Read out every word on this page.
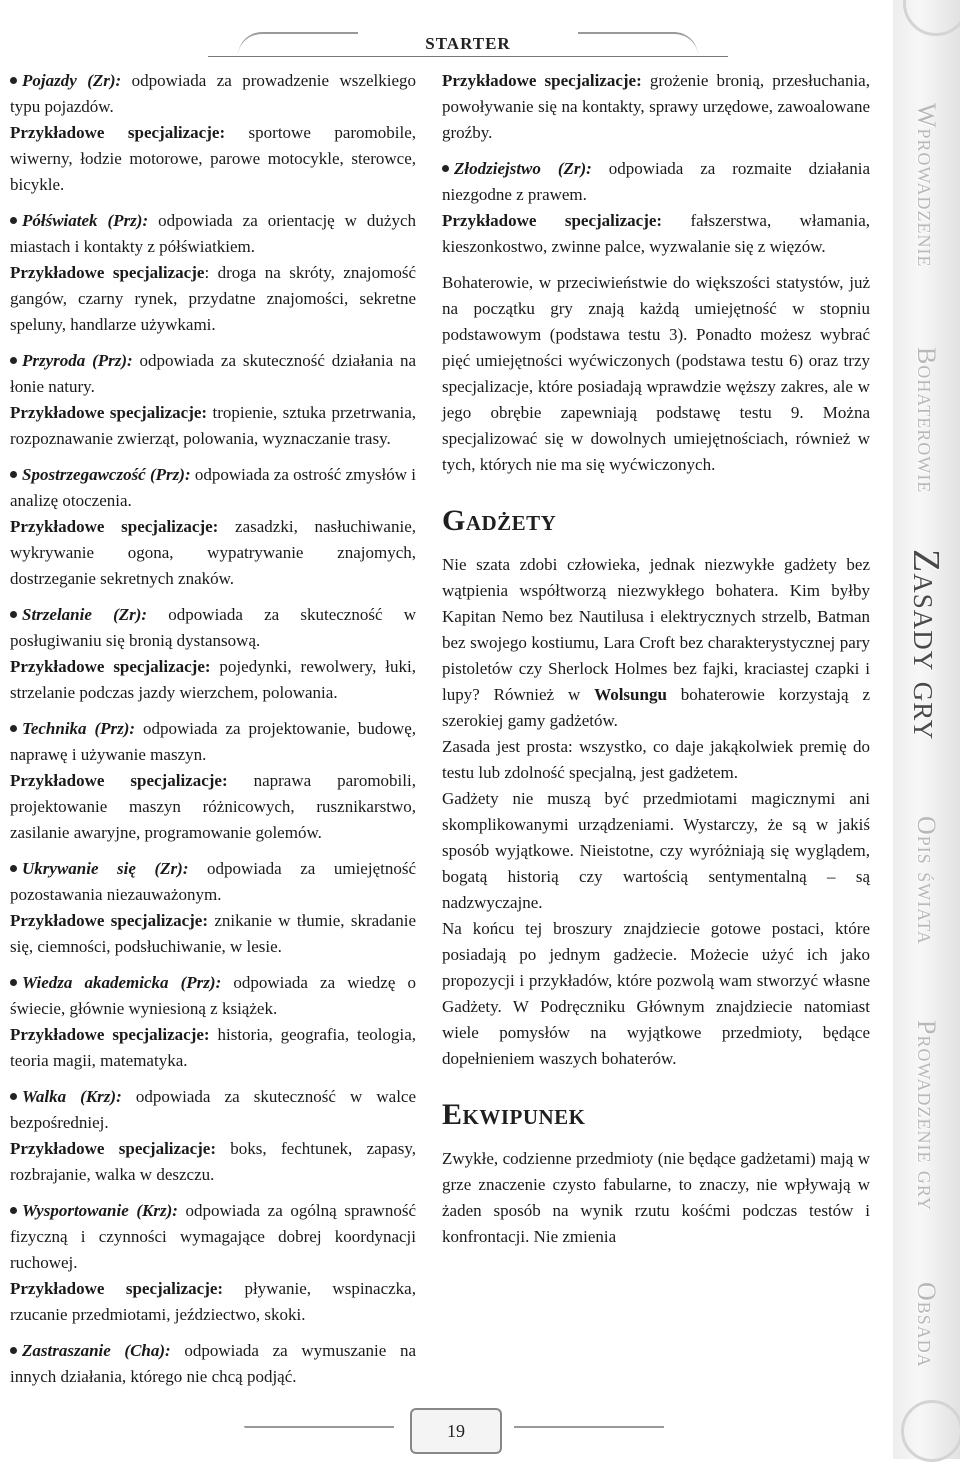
STARTER

Pojazdy (Zr): odpowiada za prowadzenie wszelkiego typu pojazdów.

Przykładowe specjalizacje: sportowe paromobile, wiwerny, łodzie motorowe, parowe motocykle, sterowce, bicykle.

Półświatek (Prz): odpowiada za orientację w dużych miastach i kontakty z półświatkiem.

Przykładowe specjalizacje: droga na skróty, znajomość gangów, czarny rynek, przydatne znajomości, sekretne speluny, handlarze używkami.

Przyroda (Prz): odpowiada za skuteczność działania na łonie natury.

Przykładowe specjalizacje: tropienie, sztuka przetrwania, rozpoznawanie zwierząt, polowania, wyznaczanie trasy.

Spostrzegawczość (Prz): odpowiada za ostrość zmysłów i analizę otoczenia.

Przykładowe specjalizacje: zasadzki, nasłuchiwanie, wykrywanie ogona, wypatrywanie znajomych, dostrzeganie sekretnych znaków.

Strzelanie (Zr): odpowiada za skuteczność w posługiwaniu się bronią dystansową.

Przykładowe specjalizacje: pojedynki, rewolwery, łuki, strzelanie podczas jazdy wierzchem, polowania.

Technika (Prz): odpowiada za projektowanie, budowę, naprawę i używanie maszyn.

Przykładowe specjalizacje: naprawa paromobili, projektowanie maszyn różnicowych, rusznikarstwo, zasilanie awaryjne, programowanie golemów.

Ukrywanie się (Zr): odpowiada za umiejętność pozostawania niezauważonym.

Przykładowe specjalizacje: znikanie w tłumie, skradanie się, ciemności, podsłuchiwanie, w lesie.

Wiedza akademicka (Prz): odpowiada za wiedzę o świecie, głównie wyniesioną z książek.

Przykładowe specjalizacje: historia, geografia, teologia, teoria magii, matematyka.

Walka (Krz): odpowiada za skuteczność w walce bezpośredniej.

Przykładowe specjalizacje: boks, fechtunek, zapasy, rozbrajanie, walka w deszczu.

Wysportowanie (Krz): odpowiada za ogólną sprawność fizyczną i czynności wymagające dobrej koordynacji ruchowej.

Przykładowe specjalizacje: pływanie, wspinaczka, rzucanie przedmiotami, jeździectwo, skoki.

Zastraszanie (Cha): odpowiada za wymuszanie na innych działania, którego nie chcą podjąć.

Przykładowe specjalizacje: grożenie bronią, przesłuchania, powoływanie się na kontakty, sprawy urzędowe, zawoalowane groźby.

Złodziejstwo (Zr): odpowiada za rozmaite działania niezgodne z prawem.

Przykładowe specjalizacje: fałszerstwa, włamania, kieszonkostwo, zwinne palce, wyzwalanie się z więzów.

Bohaterowie, w przeciwieństwie do większości statystów, już na początku gry znają każdą umiejętność w stopniu podstawowym (podstawa testu 3). Ponadto możesz wybrać pięć umiejętności wyćwiczonych (podstawa testu 6) oraz trzy specjalizacje, które posiadają wprawdzie węższy zakres, ale w jego obrębie zapewniają podstawę testu 9. Można specjalizować się w dowolnych umiejętnościach, również w tych, których nie ma się wyćwiczonych.

Gadżety

Nie szata zdobi człowieka, jednak niezwykłe gadżety bez wątpienia współtworzą niezwykłego bohatera. Kim byłby Kapitan Nemo bez Nautilusa i elektrycznych strzelb, Batman bez swojego kostiumu, Lara Croft bez charakterystycznej pary pistoletów czy Sherlock Holmes bez fajki, kraciastej czapki i lupy? Również w Wolsungu bohaterowie korzystają z szerokiej gamy gadżetów.

Zasada jest prosta: wszystko, co daje jakąkolwiek premię do testu lub zdolność specjalną, jest gadżetem.

Gadżety nie muszą być przedmiotami magicznymi ani skomplikowanymi urządzeniami. Wystarczy, że są w jakiś sposób wyjątkowe. Nieistotne, czy wyróżniają się wyglądem, bogatą historią czy wartością sentymentalną – są nadzwyczajne.

Na końcu tej broszury znajdziecie gotowe postaci, które posiadają po jednym gadżecie. Możecie użyć ich jako propozycji i przykładów, które pozwolą wam stworzyć własne Gadżety. W Podręczniku Głównym znajdziecie natomiast wiele pomysłów na wyjątkowe przedmioty, będące dopełnieniem waszych bohaterów.

Ekwipunek

Zwykłe, codzienne przedmioty (nie będące gadżetami) mają w grze znaczenie czysto fabularne, to znaczy, nie wpływają w żaden sposób na wynik rzutu kośćmi podczas testów i konfrontacji. Nie zmienia

Wprowadzenie
Bohaterowie
Zasady gry
Opis świata
Prowadzenie gry
Obsada
19
